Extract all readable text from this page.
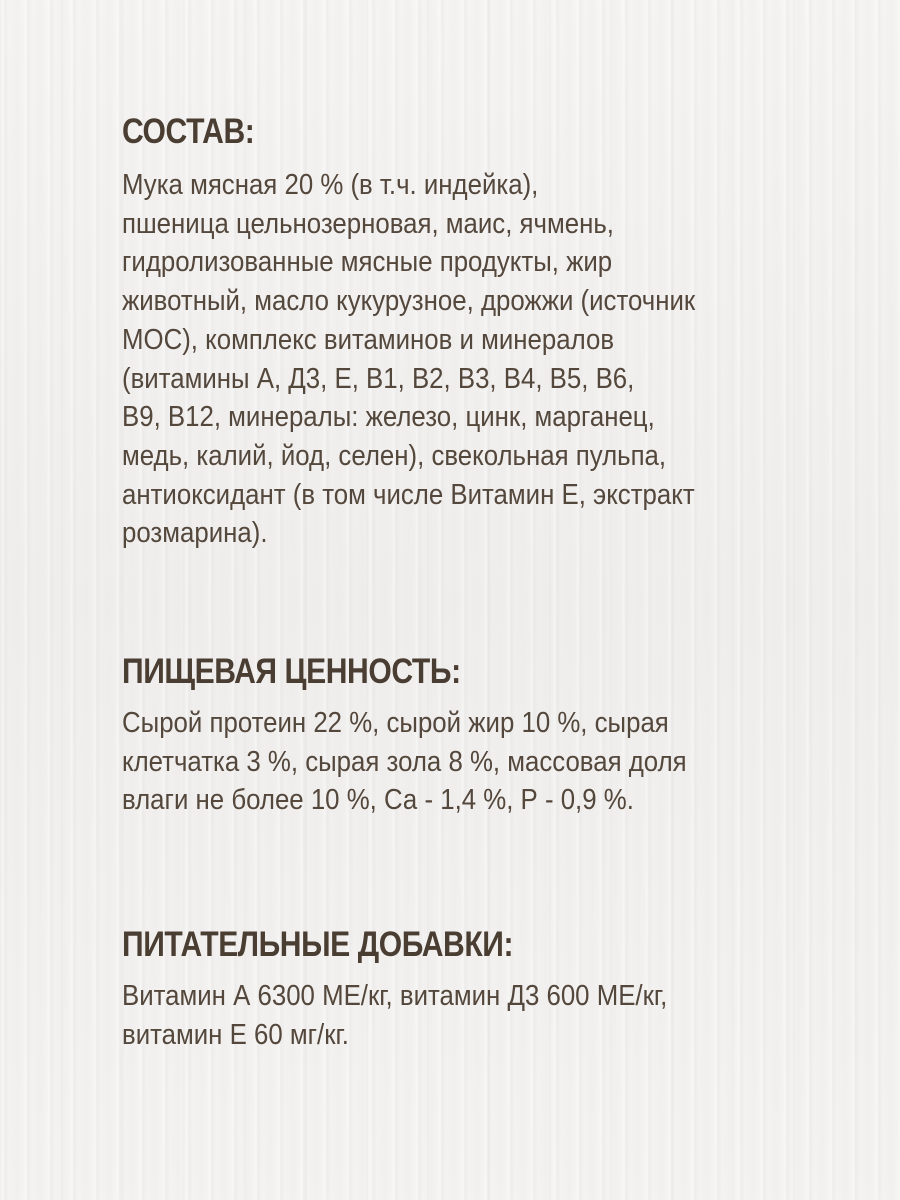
СОСТАВ:

Мука мясная 20 % (в т.ч. индейка),
пшеница цельнозерновая, маис, ячмень,
гидролизованные мясные продукты, жир
животный, масло кукурузное, дрожжи (источник
МОС), комплекс витаминов и минералов
(витамины А, Д3, Е, В1, В2, В3, В4, В5, В6,
В9, В12, минералы: железо, цинк, марганец,
медь, калий, йод, селен), свекольная пульпа,
антиоксидант (в том числе Витамин Е, экстракт
розмарина).

ПИЩЕВАЯ ЦЕННОСТЬ:

Сырой протеин 22 %, сырой жир 10 %, сырая
клетчатка 3 %, сырая зола 8 %, массовая доля
влаги не более 10 %, Са - 1,4 %, Р - 0,9 %.

ПИТАТЕЛЬНЫЕ ДОБАВКИ:

Витамин А 6300 МЕ/кг, витамин Д3 600 МЕ/кг,
витамин Е 60 мг/кг.
